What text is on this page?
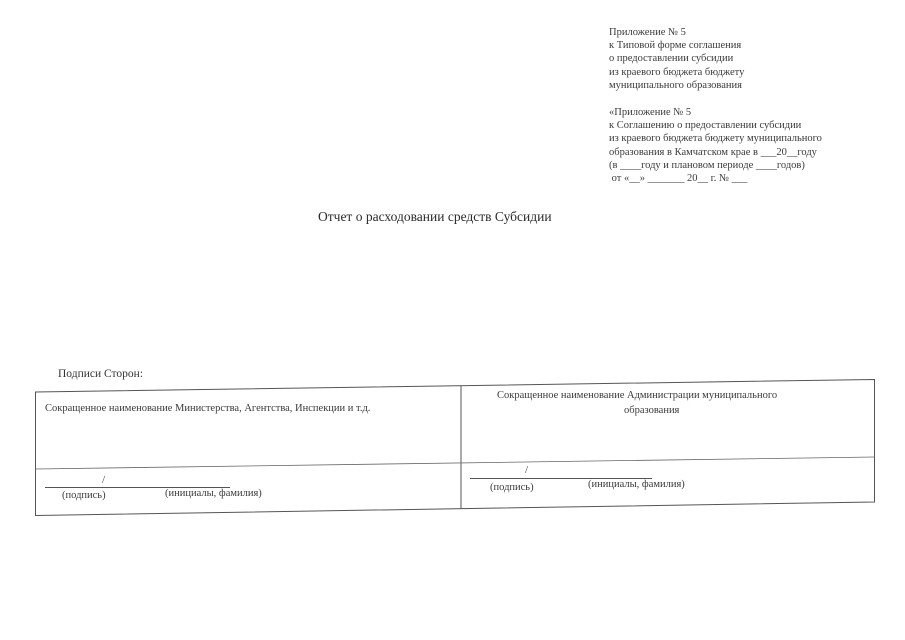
Приложение № 5
к Типовой форме соглашения
о предоставлении субсидии
из краевого бюджета бюджету
муниципального образования
«Приложение № 5
к Соглашению о предоставлении субсидии
из краевого бюджета бюджету муниципального
образования в Камчатском крае в ___20__году
(в ____году и плановом периоде ____годов)
от «__» _______ 20__ г. № ___
Отчет о расходовании средств Субсидии
Подписи Сторон:
Сокращенное наименование Министерства, Агентства, Инспекции и т.д.
/
(подпись)	(инициалы, фамилия)
Сокращенное наименование Администрации муниципального
образования
/
(подпись)	(инициалы, фамилия)
